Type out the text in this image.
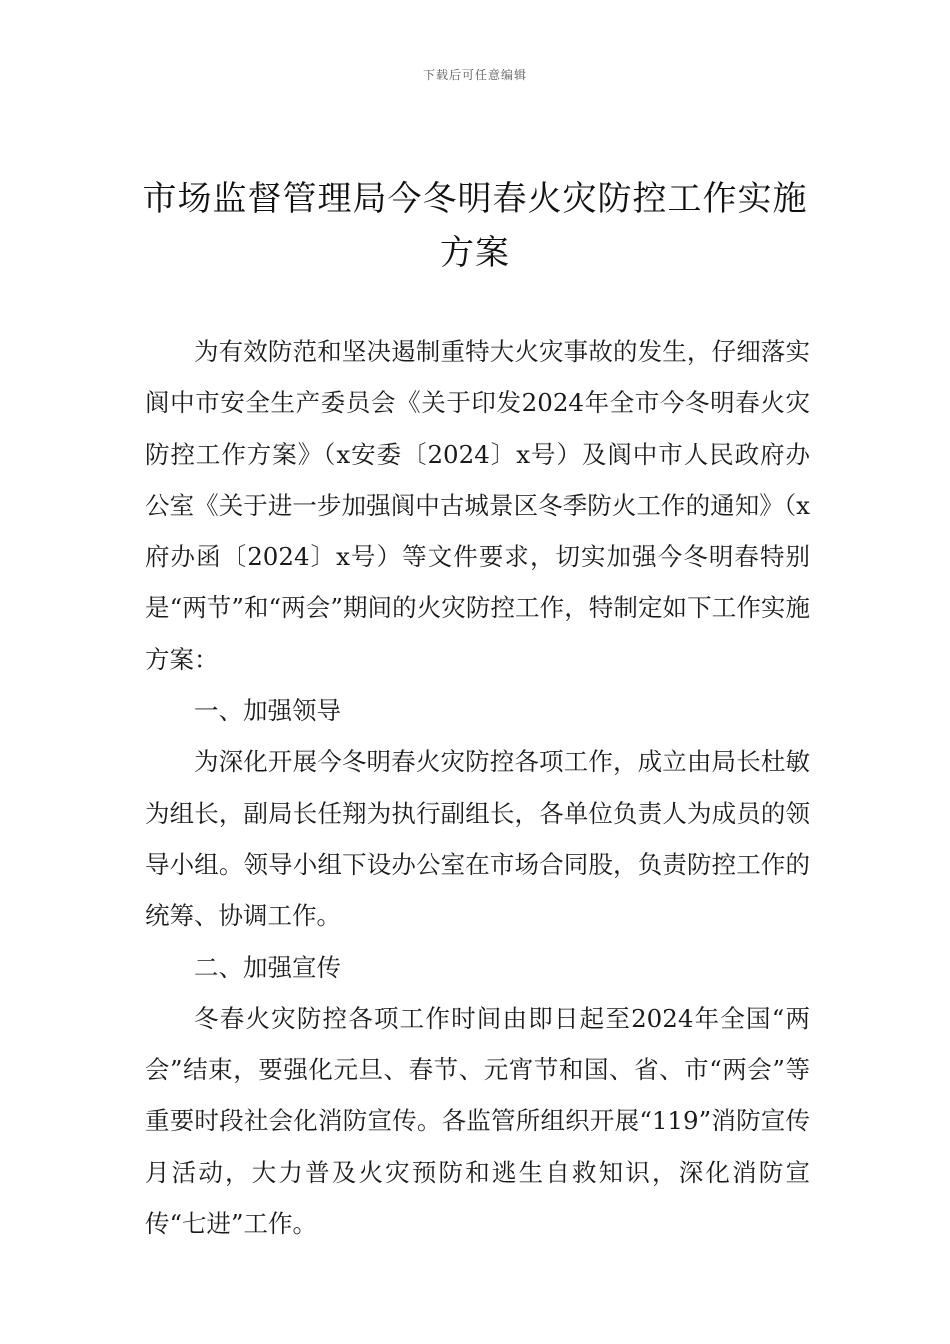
下载后可任意编辑
市场监督管理局今冬明春火灾防控工作实施方案

为有效防范和坚决遏制重特大火灾事故的发生，仔细落实阆中市安全生产委员会《关于印发2024年全市今冬明春火灾防控工作方案》（x安委〔2024〕x号）及阆中市人民政府办公室《关于进一步加强阆中古城景区冬季防火工作的通知》（x府办函〔2024〕x号）等文件要求，切实加强今冬明春特别是“两节”和“两会”期间的火灾防控工作，特制定如下工作实施方案：

一、加强领导

为深化开展今冬明春火灾防控各项工作，成立由局长杜敏为组长，副局长任翔为执行副组长，各单位负责人为成员的领导小组。领导小组下设办公室在市场合同股，负责防控工作的统筹、协调工作。

二、加强宣传

冬春火灾防控各项工作时间由即日起至2024年全国“两会”结束，要强化元旦、春节、元宵节和国、省、市“两会”等重要时段社会化消防宣传。各监管所组织开展“119”消防宣传月活动，大力普及火灾预防和逃生自救知识，深化消防宣传“七进”工作。
